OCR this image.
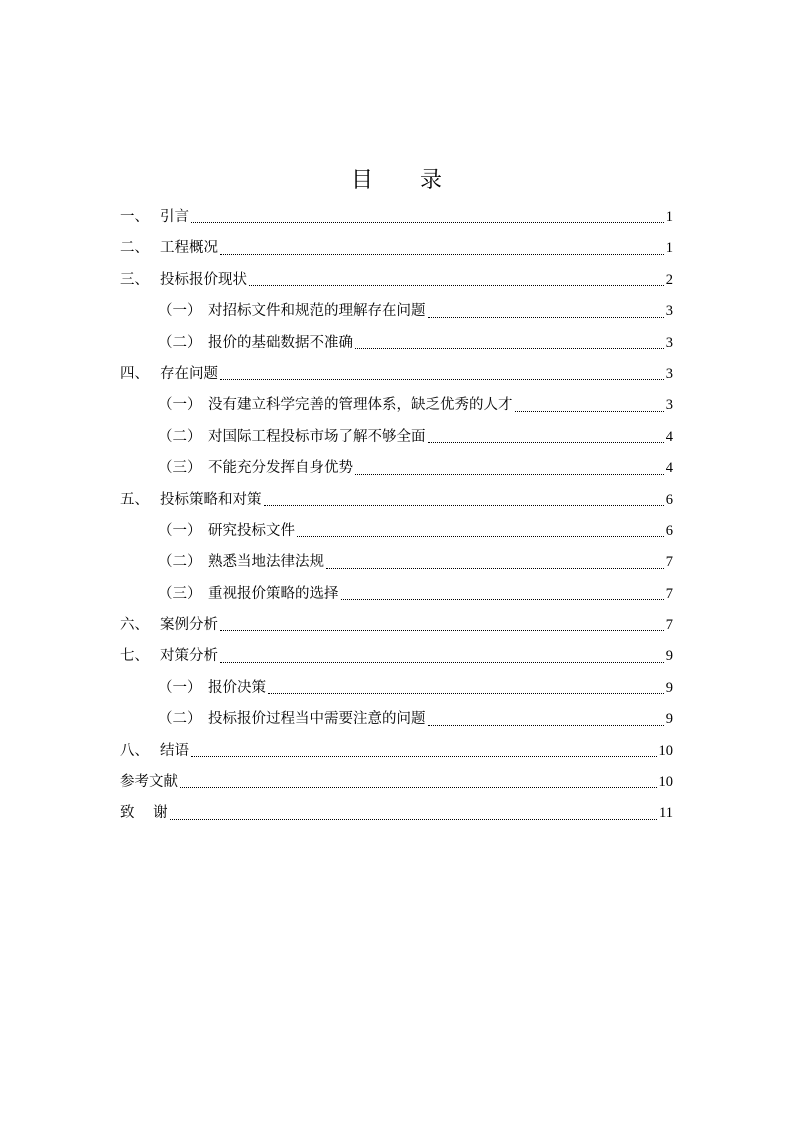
目 录
一、 引言	1
二、 工程概况	1
三、 投标报价现状	2
（一） 对招标文件和规范的理解存在问题	3
（二） 报价的基础数据不准确	3
四、 存在问题	3
（一） 没有建立科学完善的管理体系，缺乏优秀的人才	3
（二） 对国际工程投标市场了解不够全面	4
（三） 不能充分发挥自身优势	4
五、 投标策略和对策	6
（一） 研究投标文件	6
（二） 熟悉当地法律法规	7
（三） 重视报价策略的选择	7
六、 案例分析	7
七、 对策分析	9
（一） 报价决策	9
（二） 投标报价过程当中需要注意的问题	9
八、 结语	10
参考文献	10
致 谢	11
